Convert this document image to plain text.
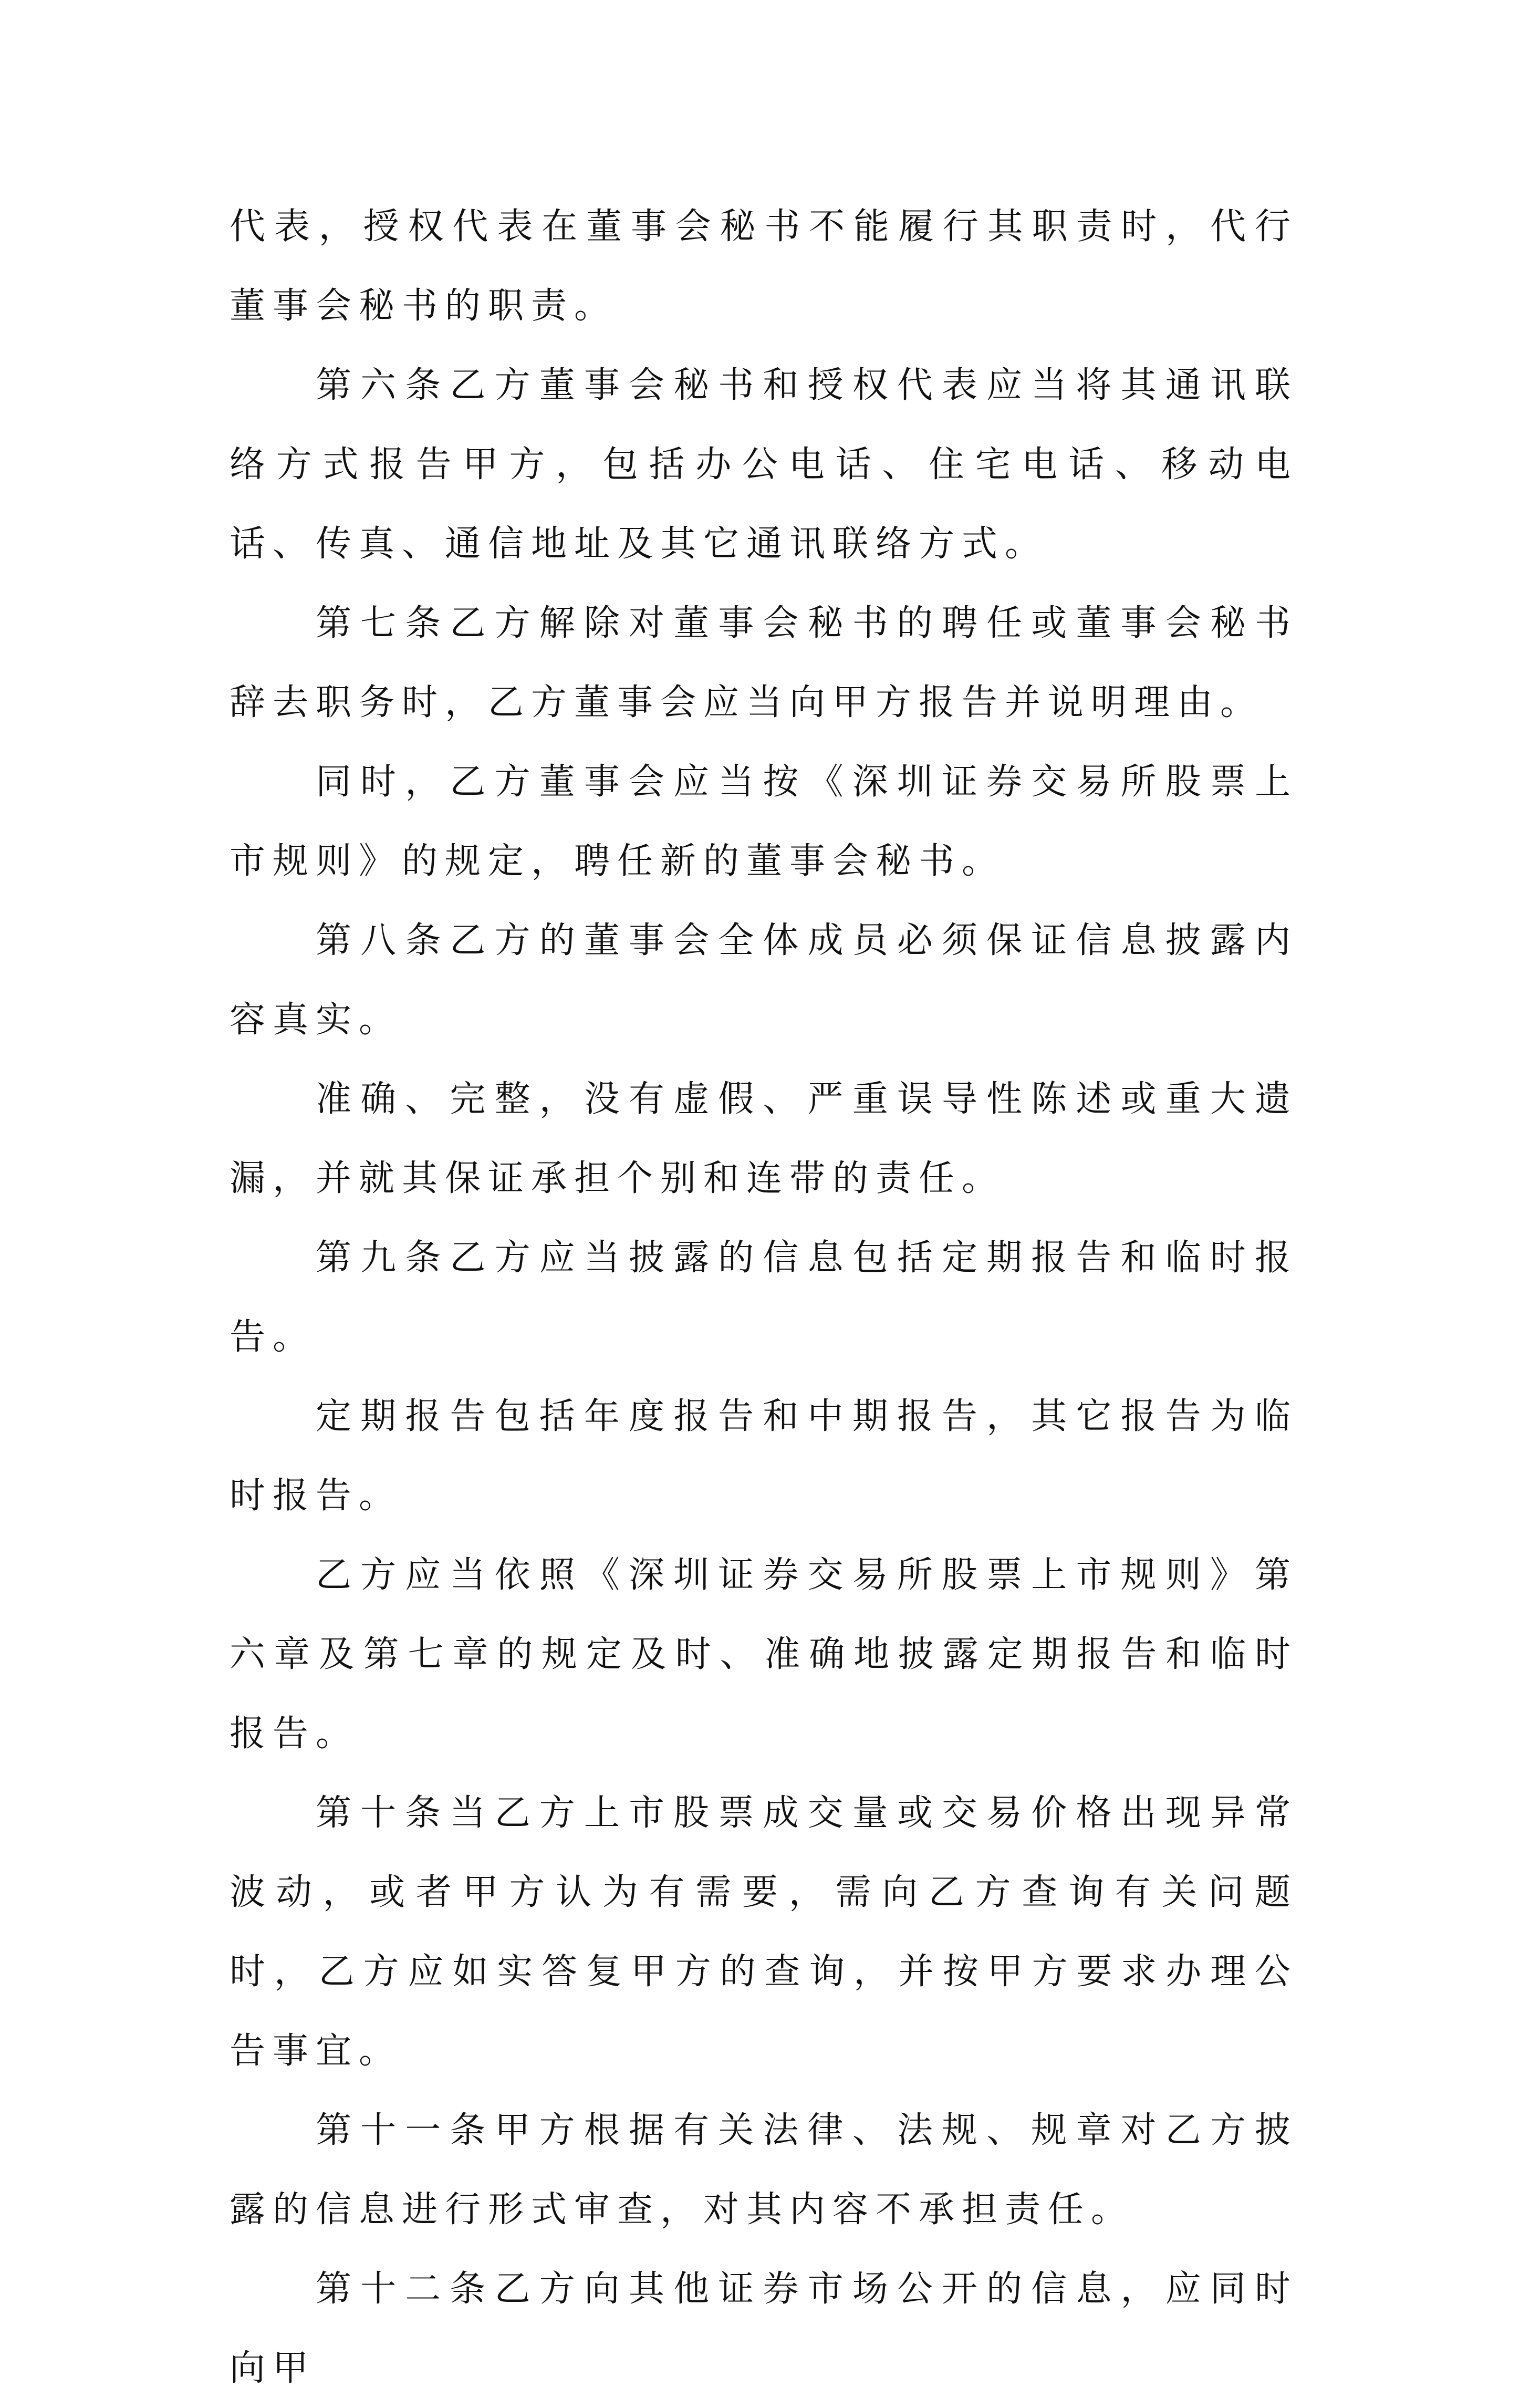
代表，授权代表在董事会秘书不能履行其职责时，代行董事会秘书的职责。

第六条乙方董事会秘书和授权代表应当将其通讯联络方式报告甲方，包括办公电话、住宅电话、移动电话、传真、通信地址及其它通讯联络方式。

第七条乙方解除对董事会秘书的聘任或董事会秘书辞去职务时，乙方董事会应当向甲方报告并说明理由。

同时，乙方董事会应当按《深圳证券交易所股票上市规则》的规定，聘任新的董事会秘书。

第八条乙方的董事会全体成员必须保证信息披露内容真实。

准确、完整，没有虚假、严重误导性陈述或重大遗漏，并就其保证承担个别和连带的责任。

第九条乙方应当披露的信息包括定期报告和临时报告。

定期报告包括年度报告和中期报告，其它报告为临时报告。

乙方应当依照《深圳证券交易所股票上市规则》第六章及第七章的规定及时、准确地披露定期报告和临时报告。

第十条当乙方上市股票成交量或交易价格出现异常波动，或者甲方认为有需要，需向乙方查询有关问题时，乙方应如实答复甲方的查询，并按甲方要求办理公告事宜。

第十一条甲方根据有关法律、法规、规章对乙方披露的信息进行形式审查，对其内容不承担责任。

第十二条乙方向其他证券市场公开的信息，应同时向甲
